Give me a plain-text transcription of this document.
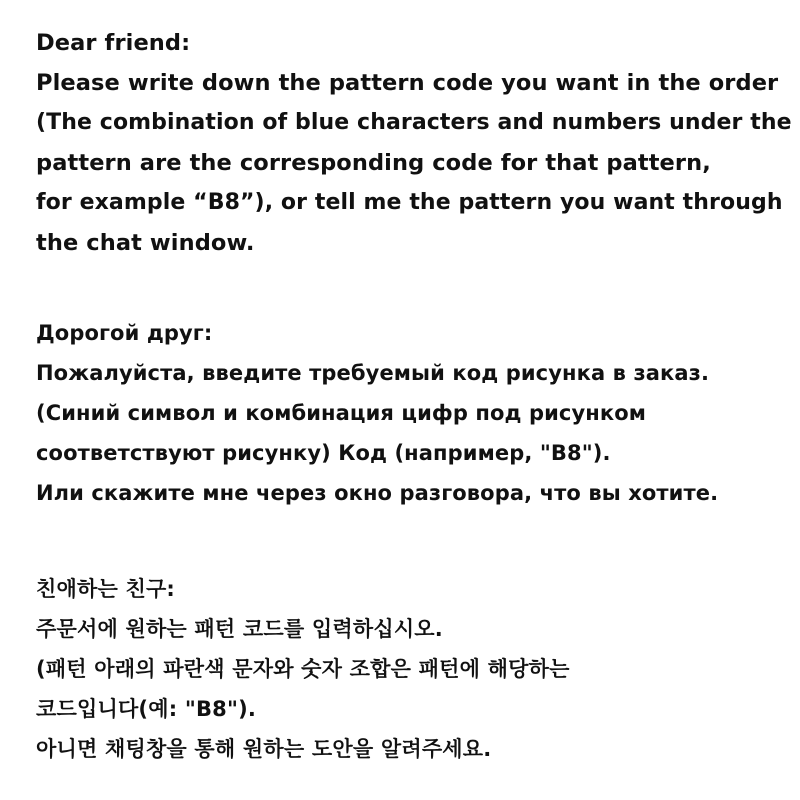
Dear friend:
Please write down the pattern code you want in the order
(The combination of blue characters and numbers under the
pattern are the corresponding code for that pattern,
for example “B8”), or tell me the pattern you want through
the chat window.
Дорогой друг:
Пожалуйста, введите требуемый код рисунка в заказ.
(Синий символ и комбинация цифр под рисунком
соответствуют рисунку) Код (например, "B8").
Или скажите мне через окно разговора, что вы хотите.
친애하는 친구:
주문서에 원하는 패턴 코드를 입력하십시오.
(패턴 아래의 파란색 문자와 숫자 조합은 패턴에 해당하는
코드입니다(예: "B8").
아니면 채팅창을 통해 원하는 도안을 알려주세요.
